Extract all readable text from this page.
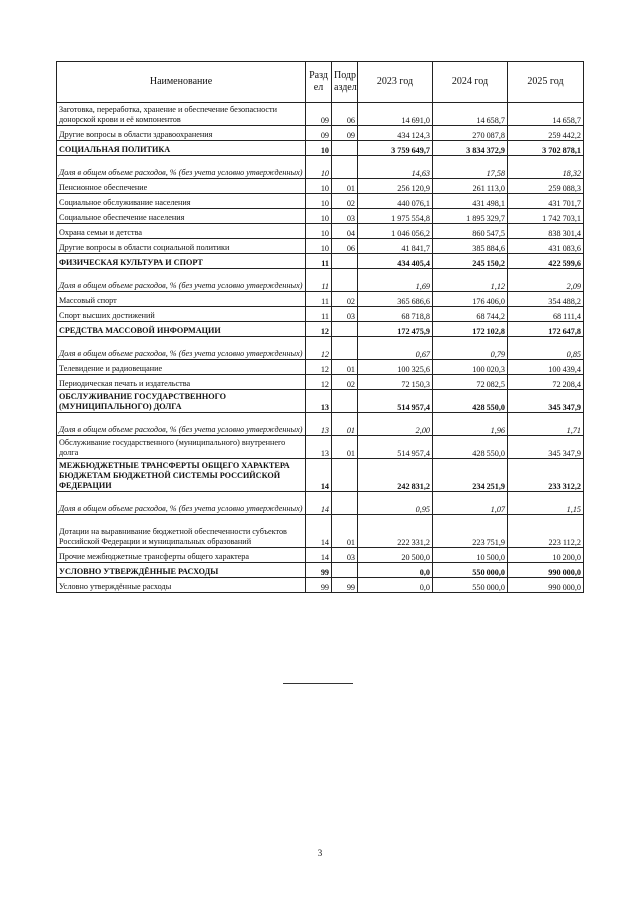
Наименование	Разд ел	Подр аздел	2023 год	2024 год	2025 год
Заготовка, переработка, хранение и обеспечение безопасности донорской крови и её компонентов	09	06	14 691,0	14 658,7	14 658,7
Другие вопросы в области здравоохранения	09	09	434 124,3	270 087,8	259 442,2
СОЦИАЛЬНАЯ ПОЛИТИКА	10		3 759 649,7	3 834 372,9	3 702 878,1
Доля в общем объеме расходов, % (без учета условно утвержденных)	10		14,63	17,58	18,32
Пенсионное обеспечение	10	01	256 120,9	261 113,0	259 088,3
Социальное обслуживание населения	10	02	440 076,1	431 498,1	431 701,7
Социальное обеспечение населения	10	03	1 975 554,8	1 895 329,7	1 742 703,1
Охрана семьи и детства	10	04	1 046 056,2	860 547,5	838 301,4
Другие вопросы в области социальной политики	10	06	41 841,7	385 884,6	431 083,6
ФИЗИЧЕСКАЯ КУЛЬТУРА И СПОРТ	11		434 405,4	245 150,2	422 599,6
Доля в общем объеме расходов, % (без учета условно утвержденных)	11		1,69	1,12	2,09
Массовый спорт	11	02	365 686,6	176 406,0	354 488,2
Спорт высших достижений	11	03	68 718,8	68 744,2	68 111,4
СРЕДСТВА МАССОВОЙ ИНФОРМАЦИИ	12		172 475,9	172 102,8	172 647,8
Доля в общем объеме расходов, % (без учета условно утвержденных)	12		0,67	0,79	0,85
Телевидение и радиовещание	12	01	100 325,6	100 020,3	100 439,4
Периодическая печать и издательства	12	02	72 150,3	72 082,5	72 208,4
ОБСЛУЖИВАНИЕ ГОСУДАРСТВЕННОГО (МУНИЦИПАЛЬНОГО) ДОЛГА	13		514 957,4	428 550,0	345 347,9
Доля в общем объеме расходов, % (без учета условно утвержденных)	13	01	2,00	1,96	1,71
Обслуживание государственного (муниципального) внутреннего долга	13	01	514 957,4	428 550,0	345 347,9
МЕЖБЮДЖЕТНЫЕ ТРАНСФЕРТЫ ОБЩЕГО ХАРАКТЕРА БЮДЖЕТАМ БЮДЖЕТНОЙ СИСТЕМЫ РОССИЙСКОЙ ФЕДЕРАЦИИ	14		242 831,2	234 251,9	233 312,2
Доля в общем объеме расходов, % (без учета условно утвержденных)	14		0,95	1,07	1,15
Дотации на выравнивание бюджетной обеспеченности субъектов Российской Федерации и муниципальных образований	14	01	222 331,2	223 751,9	223 112,2
Прочие межбюджетные трансферты общего характера	14	03	20 500,0	10 500,0	10 200,0
УСЛОВНО УТВЕРЖДЁННЫЕ РАСХОДЫ	99		0,0	550 000,0	990 000,0
Условно утверждённые расходы	99	99	0,0	550 000,0	990 000,0
3
